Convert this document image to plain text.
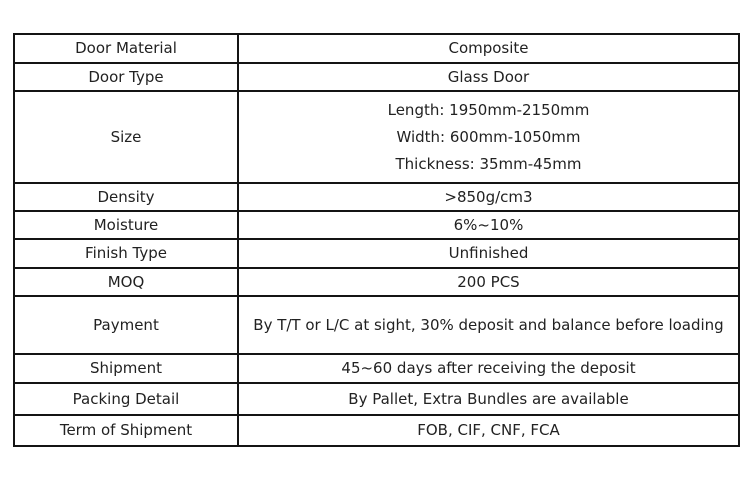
Door Material	Composite
Door Type	Glass Door
Size	Length: 1950mm-2150mm
Width: 600mm-1050mm
Thickness: 35mm-45mm

Density	>850g/cm3
Moisture	6%~10%
Finish Type	Unfinished
MOQ	200 PCS
Payment	By T/T or L/C at sight, 30% deposit and balance before loading
Shipment	45~60 days after receiving the deposit
Packing Detail	By Pallet, Extra Bundles are available
Term of Shipment	FOB, CIF, CNF, FCA
